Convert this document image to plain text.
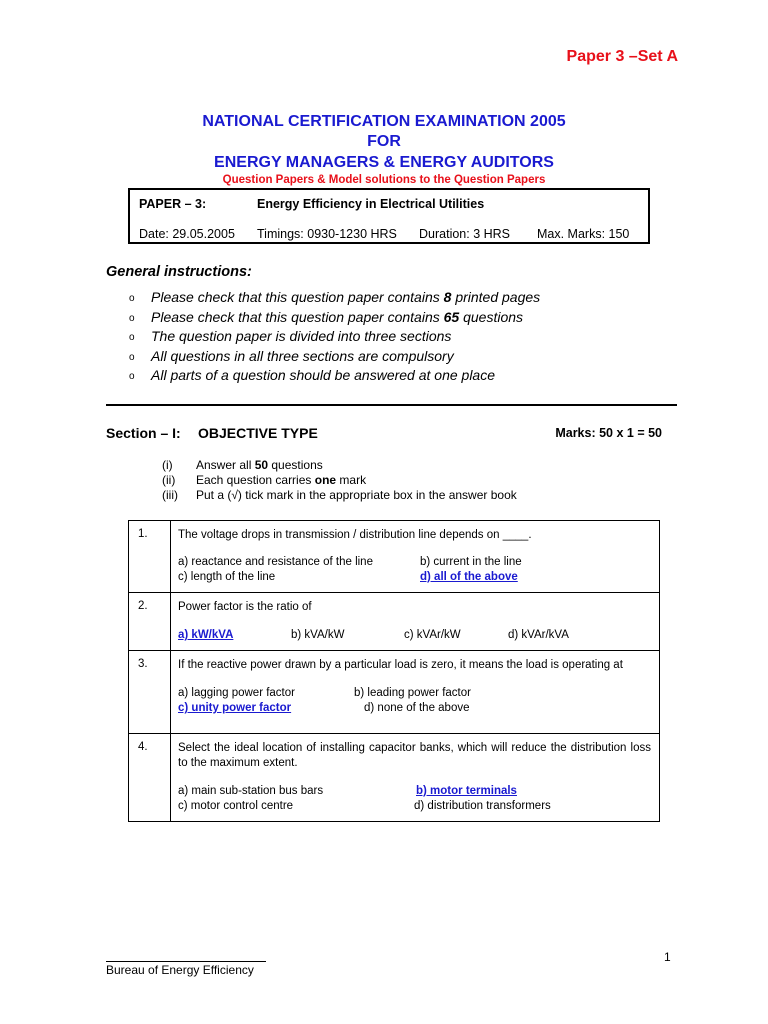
Paper 3 –Set A
NATIONAL CERTIFICATION EXAMINATION 2005
FOR
ENERGY MANAGERS & ENERGY AUDITORS
Question Papers & Model solutions to the Question Papers
PAPER – 3:	Energy Efficiency in Electrical Utilities
Date: 29.05.2005 Timings: 0930-1230 HRS Duration: 3 HRS Max. Marks: 150
General instructions:
o Please check that this question paper contains 8 printed pages
o Please check that this question paper contains 65 questions
o The question paper is divided into three sections
o All questions in all three sections are compulsory
o All parts of a question should be answered at one place
Section – I: OBJECTIVE TYPE	Marks: 50 x 1 = 50
(i) Answer all 50 questions
(ii) Each question carries one mark
(iii) Put a (√) tick mark in the appropriate box in the answer book
1.	The voltage drops in transmission / distribution line depends on ____.
a) reactance and resistance of the line b) current in the line
c) length of the line d) all of the above

2.	Power factor is the ratio of
a) kW/kVA b) kVA/kW c) kVAr/kW d) kVAr/kVA

3.	If the reactive power drawn by a particular load is zero, it means the load is operating at
a) lagging power factor b) leading power factor
c) unity power factor d) none of the above

4.	Select the ideal location of installing capacitor banks, which will reduce the distribution loss to the maximum extent.
a) main sub-station bus bars b) motor terminals
c) motor control centre d) distribution transformers
1
Bureau of Energy Efficiency
